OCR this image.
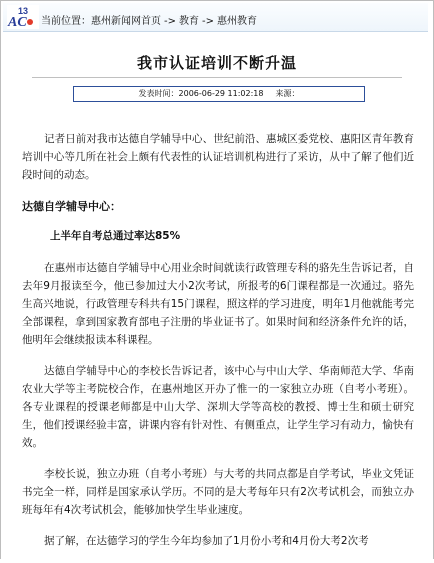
13
AC 当前位置：惠州新闻网首页 -> 教育 -> 惠州教育
我市认证培训不断升温
发表时间：2006-06-29 11:02:18 来源：

记者日前对我市达德自学辅导中心、世纪前沿、惠城区委党校、惠阳区青年教育培训中心等几所在社会上颇有代表性的认证培训机构进行了采访，从中了解了他们近段时间的动态。

达德自学辅导中心：
上半年自考总通过率达85%

在惠州市达德自学辅导中心用业余时间就读行政管理专科的骆先生告诉记者，自去年9月报读至今，他已参加过大小2次考试，所报考的6门课程都是一次通过。骆先生高兴地说，行政管理专科共有15门课程，照这样的学习进度，明年1月他就能考完全部课程，拿到国家教育部电子注册的毕业证书了。如果时间和经济条件允许的话，他明年会继续报读本科课程。

达德自学辅导中心的李校长告诉记者，该中心与中山大学、华南师范大学、华南农业大学等主考院校合作，在惠州地区开办了惟一的一家独立办班（自考小考班）。各专业课程的授课老师都是中山大学、深圳大学等高校的教授、博士生和硕士研究生，他们授课经验丰富，讲课内容有针对性、有侧重点，让学生学习有动力，愉快有效。

李校长说，独立办班（自考小考班）与大考的共同点都是自学考试，毕业文凭证书完全一样，同样是国家承认学历。不同的是大考每年只有2次考试机会，而独立办班每年有4次考试机会，能够加快学生毕业速度。

据了解，在达德学习的学生今年均参加了1月份小考和4月份大考2次考
